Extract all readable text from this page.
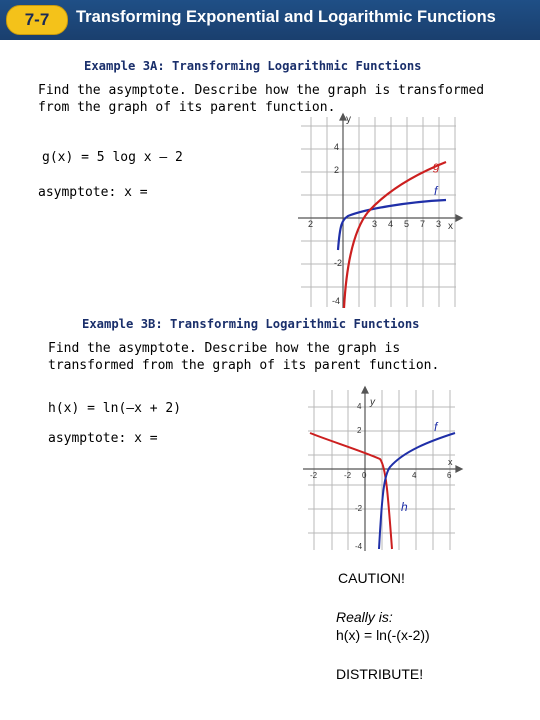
7-7	Transforming Exponential and Logarithmic Functions
Example 3A: Transforming Logarithmic Functions
Find the asymptote. Describe how the graph is transformed
from the graph of its parent function.
g(x) = 5 log x – 2
asymptote: x =
2	3 4 5 7 3
4
2
-2
-4
x
y
g
f
Example 3B: Transforming Logarithmic Functions
Find the asymptote. Describe how the graph is
transformed from the graph of its parent function.
h(x) = ln(–x + 2)
asymptote: x =
-2	-2 0	4	6
4
2
-2
-4
x
y
f
h
CAUTION!
Really is:
h(x) = ln(-(x-2))
DISTRIBUTE!
